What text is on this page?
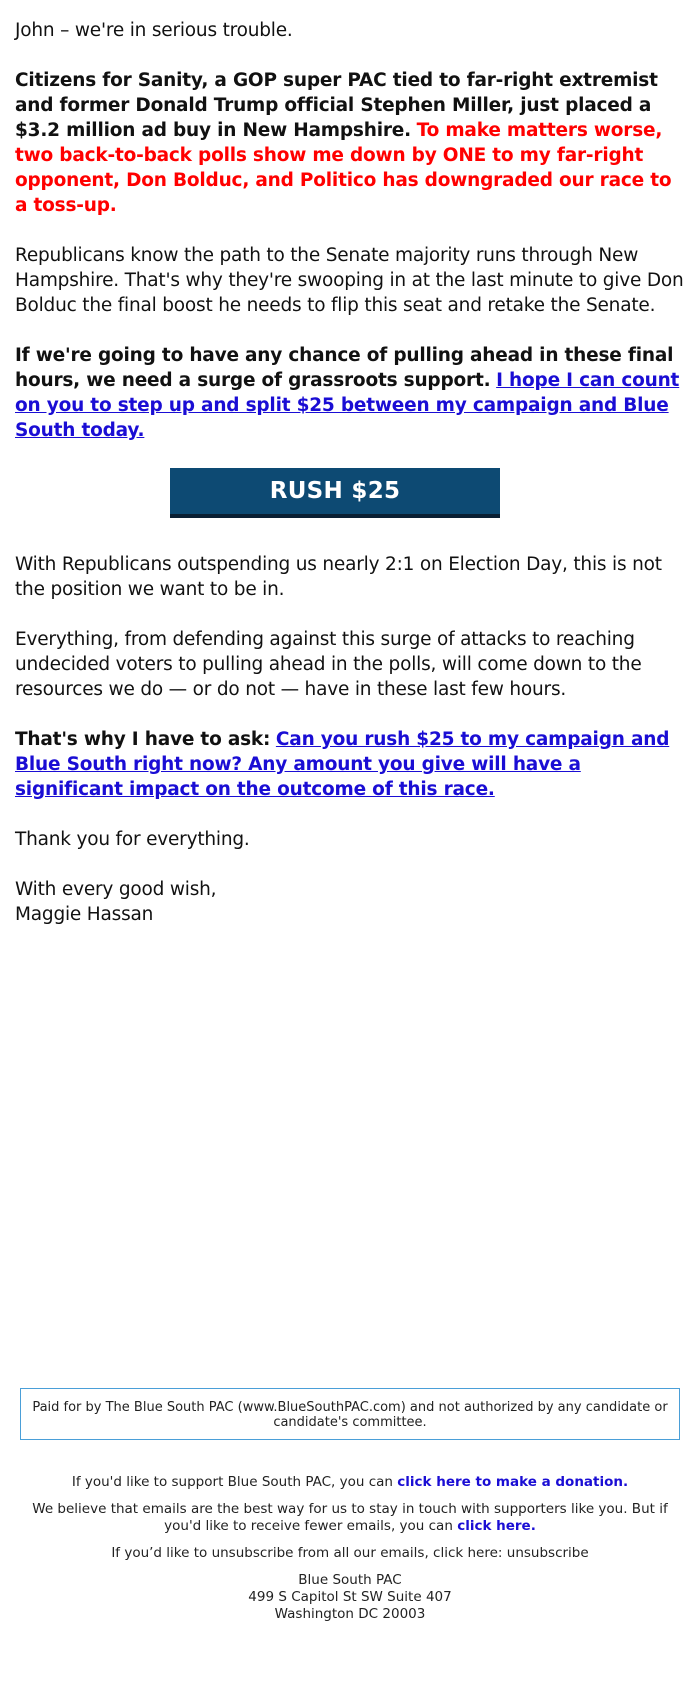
John – we're in serious trouble.

Citizens for Sanity, a GOP super PAC tied to far-right extremist and former Donald Trump official Stephen Miller, just placed a $3.2 million ad buy in New Hampshire. To make matters worse, two back-to-back polls show me down by ONE to my far-right opponent, Don Bolduc, and Politico has downgraded our race to a toss-up.

Republicans know the path to the Senate majority runs through New Hampshire. That's why they're swooping in at the last minute to give Don Bolduc the final boost he needs to flip this seat and retake the Senate.

If we're going to have any chance of pulling ahead in these final hours, we need a surge of grassroots support. I hope I can count on you to step up and split $25 between my campaign and Blue South today.

RUSH $25

With Republicans outspending us nearly 2:1 on Election Day, this is not the position we want to be in.

Everything, from defending against this surge of attacks to reaching undecided voters to pulling ahead in the polls, will come down to the resources we do — or do not — have in these last few hours.

That's why I have to ask: Can you rush $25 to my campaign and Blue South right now? Any amount you give will have a significant impact on the outcome of this race.

Thank you for everything.

With every good wish,

Maggie Hassan

Paid for by The Blue South PAC (www.BlueSouthPAC.com) and not authorized by any candidate or candidate's committee.

If you'd like to support Blue South PAC, you can click here to make a donation.

We believe that emails are the best way for us to stay in touch with supporters like you. But if you'd like to receive fewer emails, you can click here.

If you’d like to unsubscribe from all our emails, click here: unsubscribe

Blue South PAC

499 S Capitol St SW Suite 407

Washington DC 20003
